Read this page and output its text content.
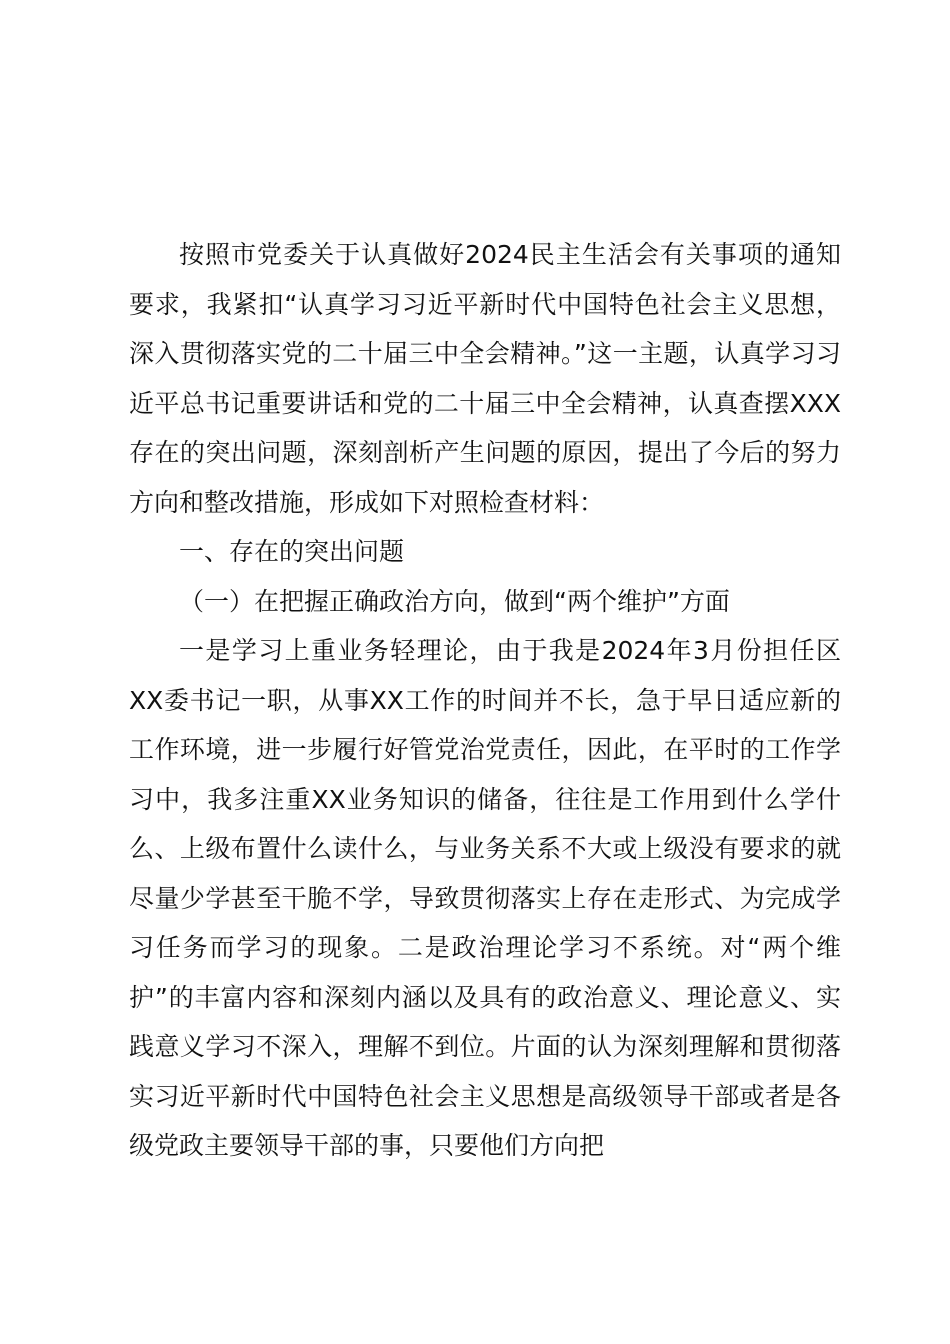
按照市党委关于认真做好2024民主生活会有关事项的通知要求，我紧扣“认真学习习近平新时代中国特色社会主义思想，深入贯彻落实党的二十届三中全会精神。”这一主题，认真学习习近平总书记重要讲话和党的二十届三中全会精神，认真查摆XXX存在的突出问题，深刻剖析产生问题的原因，提出了今后的努力方向和整改措施，形成如下对照检查材料：

一、存在的突出问题

（一）在把握正确政治方向，做到“两个维护”方面

一是学习上重业务轻理论，由于我是2024年3月份担任区XX委书记一职，从事XX工作的时间并不长，急于早日适应新的工作环境，进一步履行好管党治党责任，因此，在平时的工作学习中，我多注重XX业务知识的储备，往往是工作用到什么学什么、上级布置什么读什么，与业务关系不大或上级没有要求的就尽量少学甚至干脆不学，导致贯彻落实上存在走形式、为完成学习任务而学习的现象。二是政治理论学习不系统。对“两个维护”的丰富内容和深刻内涵以及具有的政治意义、理论意义、实践意义学习不深入，理解不到位。片面的认为深刻理解和贯彻落实习近平新时代中国特色社会主义思想是高级领导干部或者是各级党政主要领导干部的事，只要他们方向把
